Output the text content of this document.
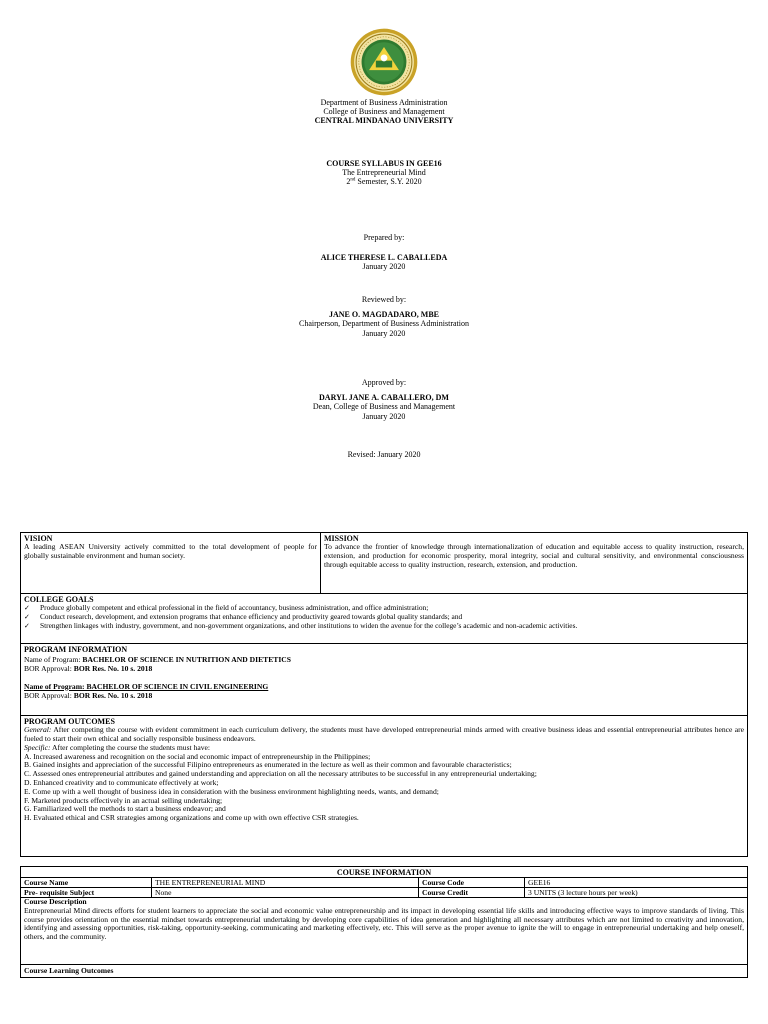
Department of Business Administration
College of Business and Management
CENTRAL MINDANAO UNIVERSITY
COURSE SYLLABUS IN GEE16
The Entrepreneurial Mind
2nd Semester, S.Y. 2020
Prepared by:
ALICE THERESE L. CABALLEDA
January 2020
Reviewed by:
JANE O. MAGDADARO, MBE
Chairperson, Department of Business Administration
January 2020
Approved by:
DARYL JANE A. CABALLERO, DM
Dean, College of Business and Management
January 2020
Revised: January 2020
VISION
A leading ASEAN University actively committed to the total development of people for globally sustainable environment and human society.
MISSION
To advance the frontier of knowledge through internationalization of education and equitable access to quality instruction, research, extension, and production for economic prosperity, moral integrity, social and cultural sensitivity, and environmental consciousness through equitable access to quality instruction, research, extension, and production.
COLLEGE GOALS
✓	Produce globally competent and ethical professional in the field of accountancy, business administration, and office administration;
✓	Conduct research, development, and extension programs that enhance efficiency and productivity geared towards global quality standards; and
✓	Strengthen linkages with industry, government, and non-government organizations, and other institutions to widen the avenue for the college’s academic and non-academic activities.
PROGRAM INFORMATION
Name of Program: BACHELOR OF SCIENCE IN NUTRITION AND DIETETICS
BOR Approval: BOR Res. No. 10 s. 2018
Name of Program: BACHELOR OF SCIENCE IN CIVIL ENGINEERING
BOR Approval: BOR Res. No. 10 s. 2018
PROGRAM OUTCOMES
General: After competing the course with evident commitment in each curriculum delivery, the students must have developed entrepreneurial minds armed with creative business ideas and essential entrepreneurial attributes hence are fueled to start their own ethical and socially responsible business endeavors.
Specific: After completing the course the students must have:
A. Increased awareness and recognition on the social and economic impact of entrepreneurship in the Philippines;
B. Gained insights and appreciation of the successful Filipino entrepreneurs as enumerated in the lecture as well as their common and favourable characteristics;
C. Assessed ones entrepreneurial attributes and gained understanding and appreciation on all the necessary attributes to be successful in any entrepreneurial undertaking;
D. Enhanced creativity and to communicate effectively at work;
E. Come up with a well thought of business idea in consideration with the business environment highlighting needs, wants, and demand;
F. Marketed products effectively in an actual selling undertaking;
G. Familiarized well the methods to start a business endeavor; and
H. Evaluated ethical and CSR strategies among organizations and come up with own effective CSR strategies.
COURSE INFORMATION
Course Name	THE ENTREPRENEURIAL MIND	Course Code	GEE16
Pre- requisite Subject	None	Course Credit	3 UNITS (3 lecture hours per week)
Course Description
Entrepreneurial Mind directs efforts for student learners to appreciate the social and economic value entrepreneurship and its impact in developing essential life skills and introducing effective ways to improve standards of living. This course provides orientation on the essential mindset towards entrepreneurial undertaking by developing core capabilities of idea generation and highlighting all necessary attributes which are not limited to creativity and innovation, identifying and assessing opportunities, risk-taking, opportunity-seeking, communicating and marketing effectively, etc. This will serve as the proper avenue to ignite the will to engage in entrepreneurial undertaking and help oneself, others, and the community.
Course Learning Outcomes
